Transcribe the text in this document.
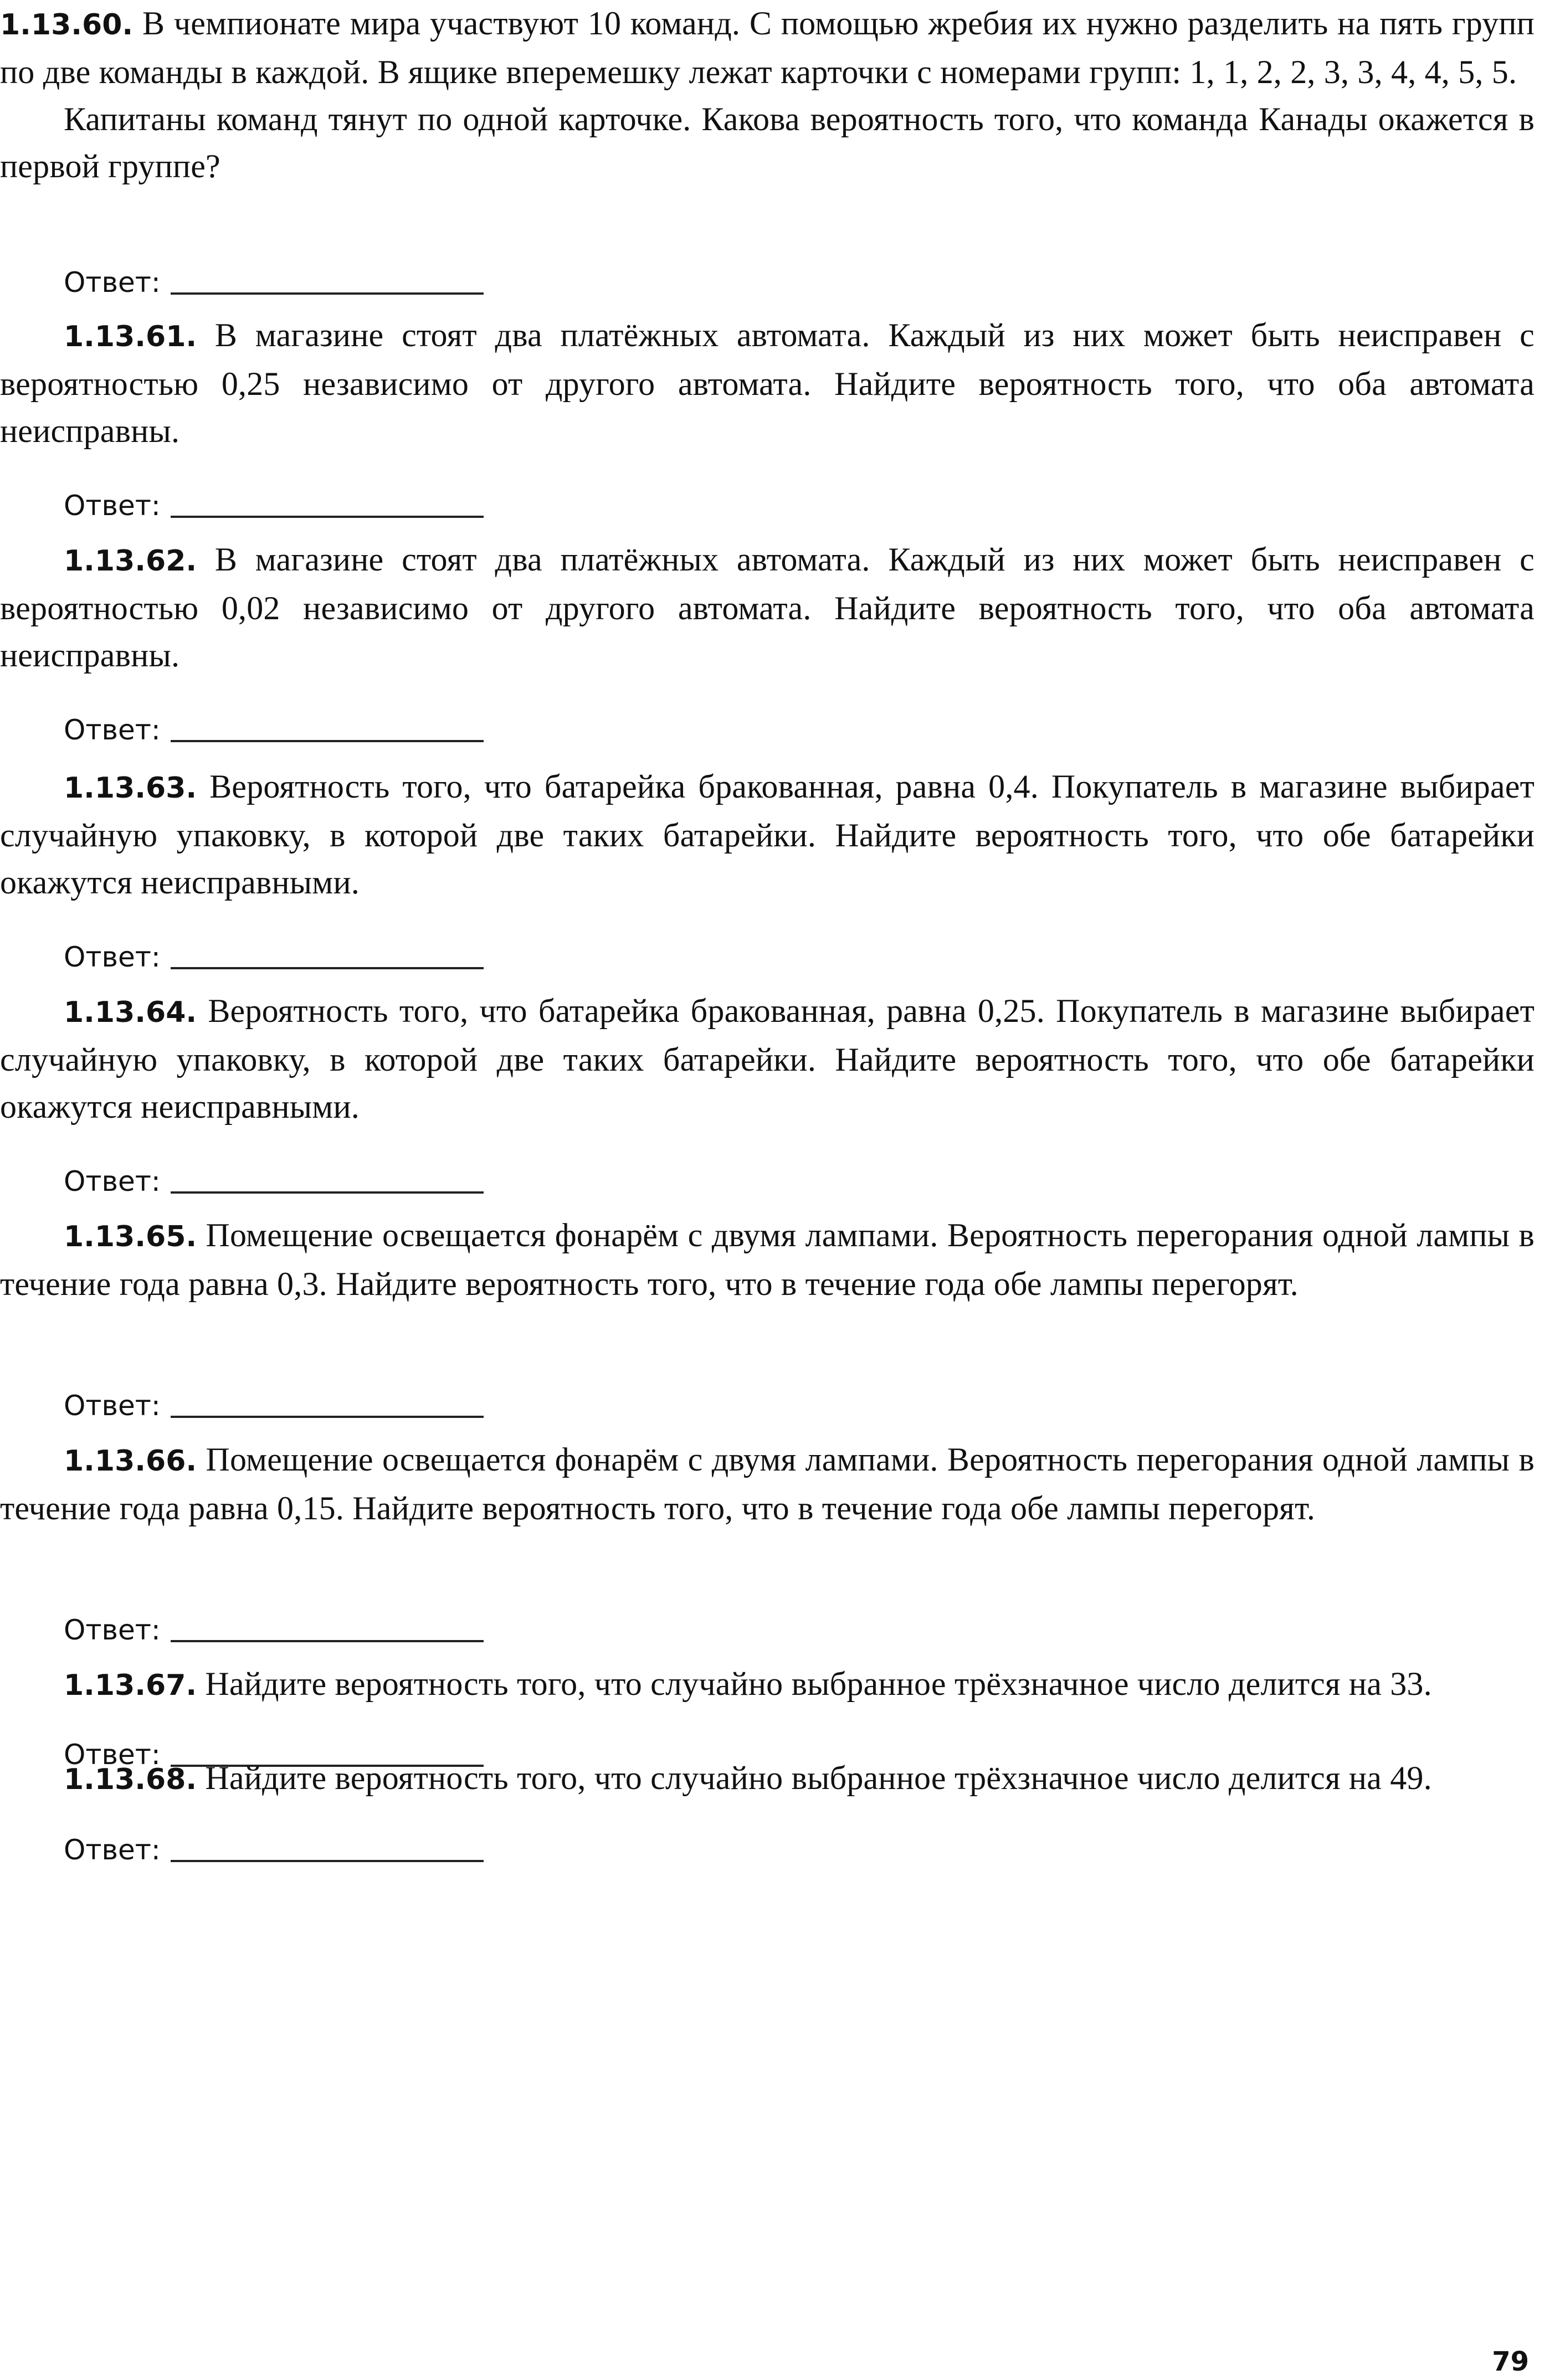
1.13.60. В чемпионате мира участвуют 10 команд. С помощью жребия их нужно разделить на пять групп по две команды в каждой. В ящике вперемешку лежат карточки с номерами групп: 1, 1, 2, 2, 3, 3, 4, 4, 5, 5.
Капитаны команд тянут по одной карточке. Какова вероятность того, что команда Канады окажется в первой группе?

Ответ:

1.13.61. В магазине стоят два платёжных автомата. Каждый из них может быть неисправен с вероятностью 0,25 независимо от другого автомата. Найдите вероятность того, что оба автомата неисправны.

Ответ:

1.13.62. В магазине стоят два платёжных автомата. Каждый из них может быть неисправен с вероятностью 0,02 независимо от другого автомата. Найдите вероятность того, что оба автомата неисправны.

Ответ:

1.13.63. Вероятность того, что батарейка бракованная, равна 0,4. Покупатель в магазине выбирает случайную упаковку, в которой две таких батарейки. Найдите вероятность того, что обе батарейки окажутся неисправными.

Ответ:

1.13.64. Вероятность того, что батарейка бракованная, равна 0,25. Покупатель в магазине выбирает случайную упаковку, в которой две таких батарейки. Найдите вероятность того, что обе батарейки окажутся неисправными.

Ответ:

1.13.65. Помещение освещается фонарём с двумя лампами. Вероятность перегорания одной лампы в течение года равна 0,3. Найдите вероятность того, что в течение года обе лампы перегорят.

Ответ:

1.13.66. Помещение освещается фонарём с двумя лампами. Вероятность перегорания одной лампы в течение года равна 0,15. Найдите вероятность того, что в течение года обе лампы перегорят.

Ответ:

1.13.67. Найдите вероятность того, что случайно выбранное трёхзначное число делится на 33.

Ответ:

1.13.68. Найдите вероятность того, что случайно выбранное трёхзначное число делится на 49.

Ответ:
79
